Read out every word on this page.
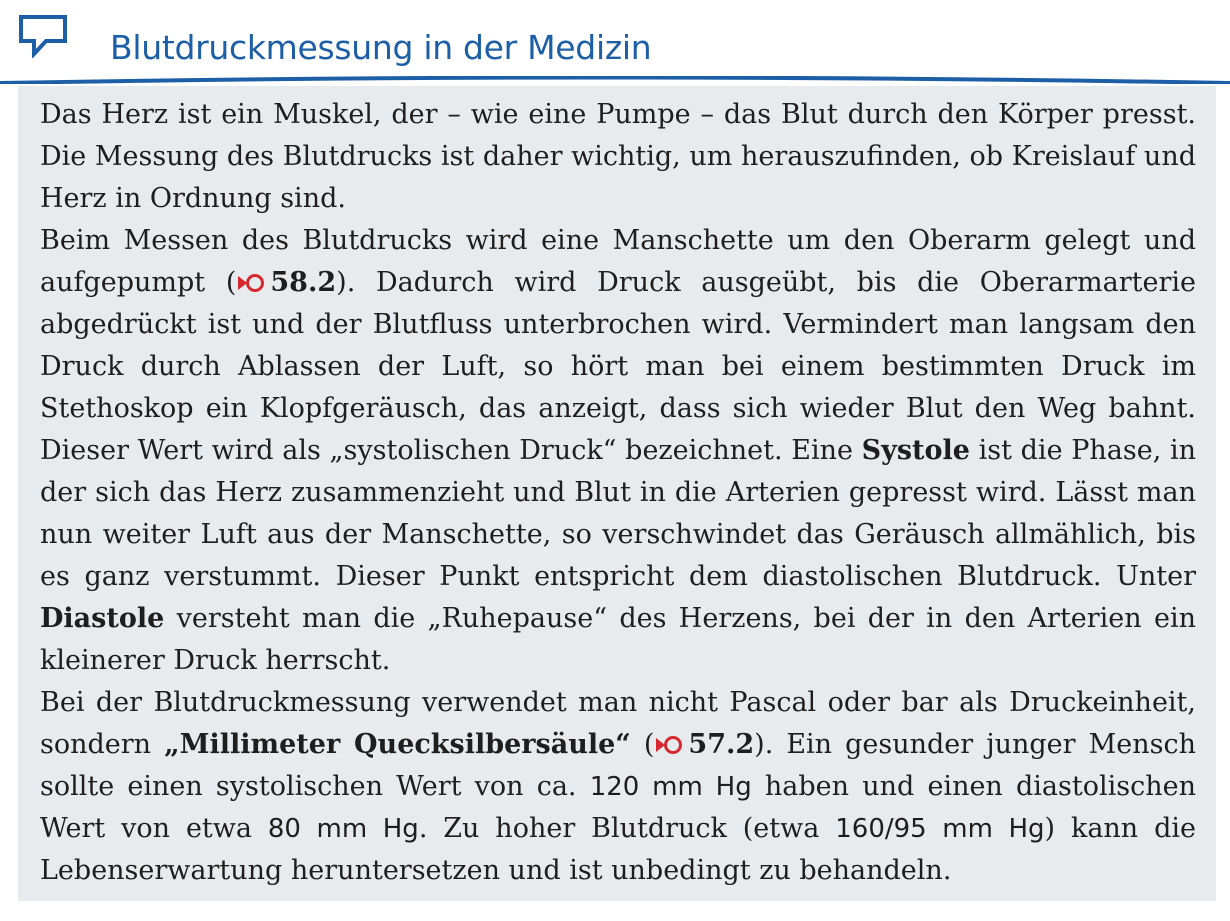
Blutdruckmessung in der Medizin

Das Herz ist ein Muskel, der – wie eine Pumpe – das Blut durch den Körper presst. Die Messung des Blutdrucks ist daher wichtig, um herauszufinden, ob Kreislauf und Herz in Ordnung sind.

Beim Messen des Blutdrucks wird eine Manschette um den Oberarm gelegt und aufgepumpt ( 58.2). Dadurch wird Druck ausgeübt, bis die Oberarmarterie abgedrückt ist und der Blutfluss unterbrochen wird. Vermindert man langsam den Druck durch Ablassen der Luft, so hört man bei einem bestimmten Druck im Stethoskop ein Klopfgeräusch, das anzeigt, dass sich wieder Blut den Weg bahnt. Dieser Wert wird als „systolischen Druck“ bezeichnet. Eine Systole ist die Phase, in der sich das Herz zusammenzieht und Blut in die Arterien gepresst wird. Lässt man nun weiter Luft aus der Manschette, so verschwindet das Geräusch allmählich, bis es ganz verstummt. Dieser Punkt entspricht dem diastolischen Blutdruck. Unter Diastole versteht man die „Ruhepause“ des Herzens, bei der in den Arterien ein kleinerer Druck herrscht.

Bei der Blutdruckmessung verwendet man nicht Pascal oder bar als Druckeinheit, sondern „Millimeter Quecksilbersäule“ ( 57.2). Ein gesunder junger Mensch sollte einen systolischen Wert von ca. 120 mm Hg haben und einen diastolischen Wert von etwa 80 mm Hg. Zu hoher Blutdruck (etwa 160/95 mm Hg) kann die Lebenserwartung heruntersetzen und ist unbedingt zu behandeln.
